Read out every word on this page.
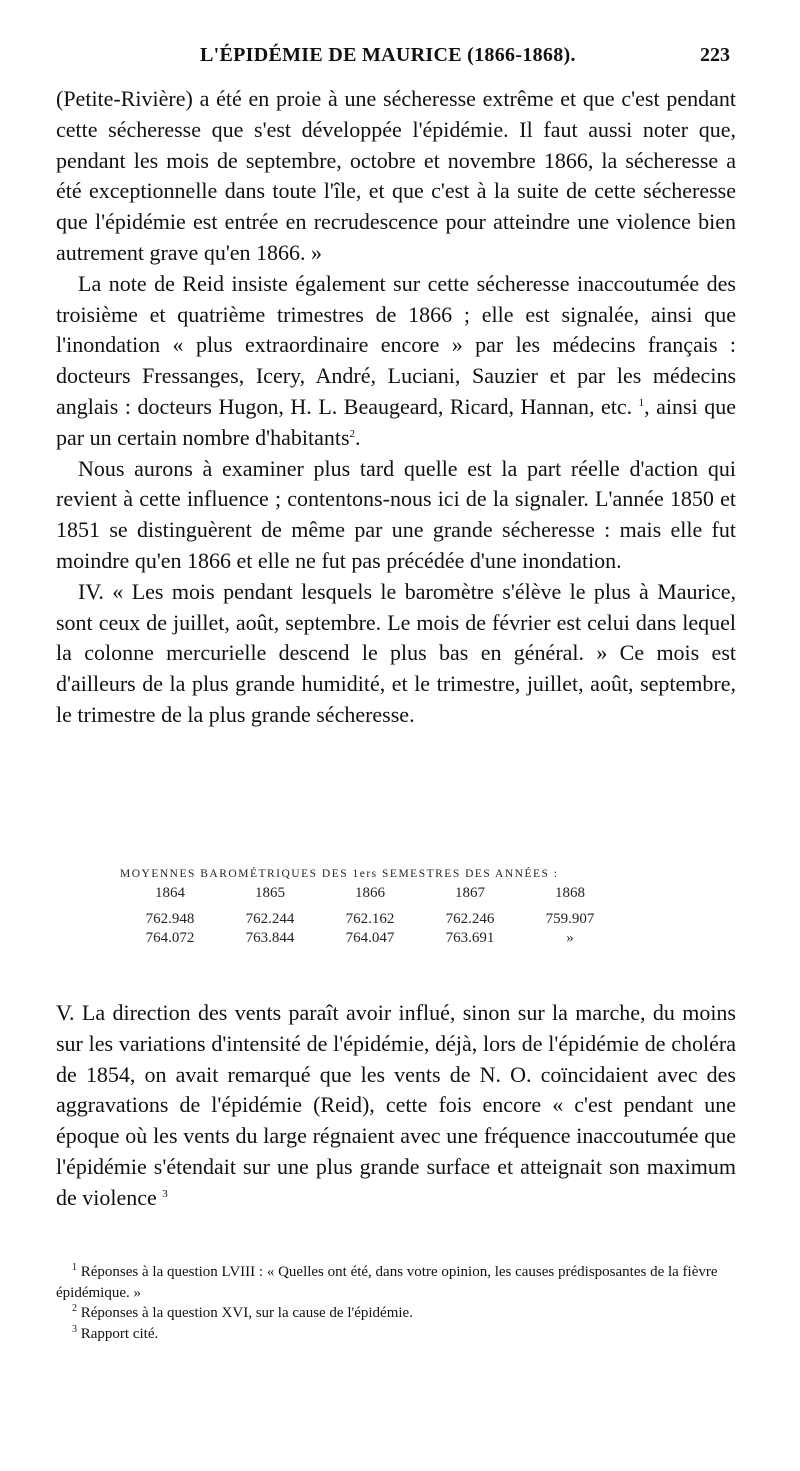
L'ÉPIDÉMIE DE MAURICE (1866-1868).	223

(Petite-Rivière) a été en proie à une sécheresse extrême et que c'est pendant cette sécheresse que s'est développée l'épidémie. Il faut aussi noter que, pendant les mois de septembre, octobre et novembre 1866, la sécheresse a été exceptionnelle dans toute l'île, et que c'est à la suite de cette sécheresse que l'épidémie est entrée en recrudescence pour atteindre une violence bien autrement grave qu'en 1866. »

La note de Reid insiste également sur cette sécheresse inaccoutumée des troisième et quatrième trimestres de 1866 ; elle est signalée, ainsi que l'inondation « plus extraordinaire encore » par les médecins français : docteurs Fressanges, Icery, André, Luciani, Sauzier et par les médecins anglais : docteurs Hugon, H. L. Beaugeard, Ricard, Hannan, etc. $^1$, ainsi que par un certain nombre d'habitants$^2$.

Nous aurons à examiner plus tard quelle est la part réelle d'action qui revient à cette influence ; contentons-nous ici de la signaler. L'année 1850 et 1851 se distinguèrent de même par une grande sécheresse : mais elle fut moindre qu'en 1866 et elle ne fut pas précédée d'une inondation.

IV. « Les mois pendant lesquels le baromètre s'élève le plus à Maurice, sont ceux de juillet, août, septembre. Le mois de février est celui dans lequel la colonne mercurielle descend le plus bas en général. » Ce mois est d'ailleurs de la plus grande humidité, et le trimestre, juillet, août, septembre, le trimestre de la plus grande sécheresse.

MOYENNES BAROMÉTRIQUES DES 1ers SEMESTRES DES ANNÉES :
1864	1865	1866	1867	1868
762.948	762.244	762.162	762.246	759.907
764.072	763.844	764.047	763.691	»

V. La direction des vents paraît avoir influé, sinon sur la marche, du moins sur les variations d'intensité de l'épidémie, déjà, lors de l'épidémie de choléra de 1854, on avait remarqué que les vents de N. O. coïncidaient avec des aggravations de l'épidémie (Reid), cette fois encore « c'est pendant une époque où les vents du large régnaient avec une fréquence inaccoutumée que l'épidémie s'étendait sur une plus grande surface et atteignait son maximum de violence $^3$

$^1$ Réponses à la question LVIII : « Quelles ont été, dans votre opinion, les causes prédisposantes de la fièvre épidémique. »

$^2$ Réponses à la question XVI, sur la cause de l'épidémie.

$^3$ Rapport cité.
